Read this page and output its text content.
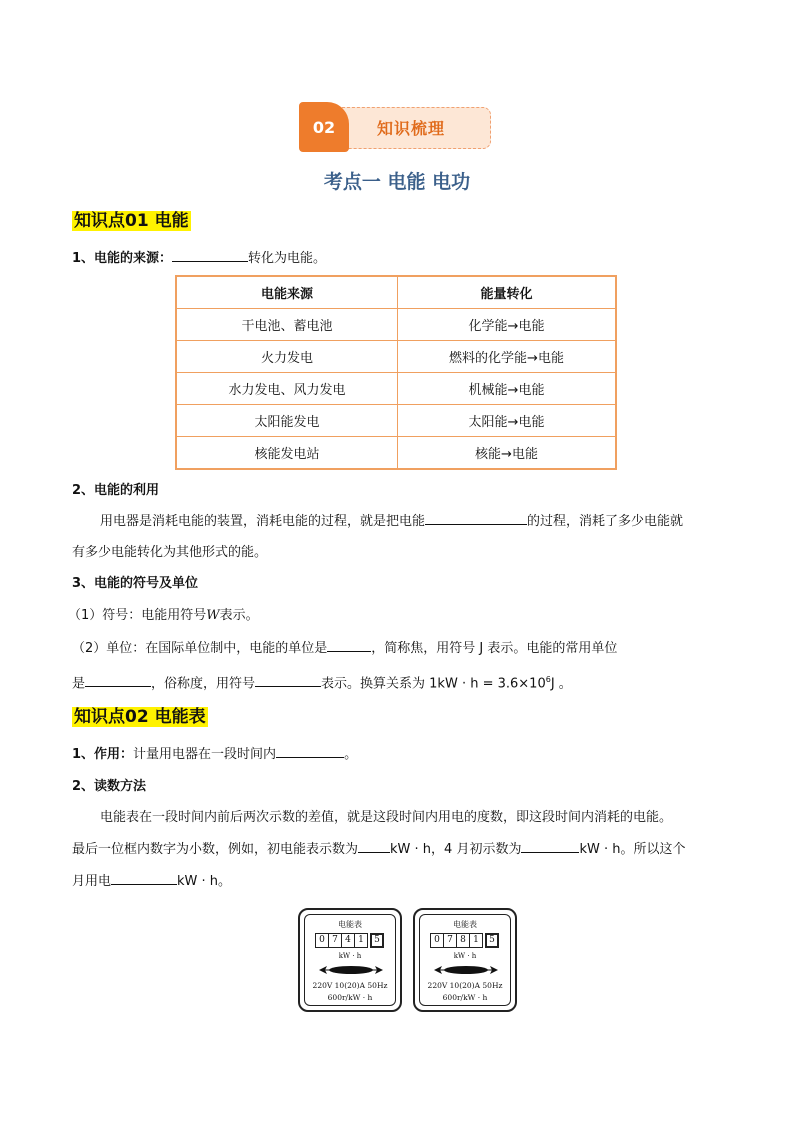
02	知识梳理
考点一 电能 电功
知识点01 电能
1、电能的来源：	转化为电能。
电能来源	能量转化
干电池、蓄电池	化学能→电能
火力发电	燃料的化学能→电能
水力发电、风力发电	机械能→电能
太阳能发电	太阳能→电能
核能发电站	核能→电能
2、电能的利用
用电器是消耗电能的装置，消耗电能的过程，就是把电能	的过程，消耗了多少电能就
有多少电能转化为其他形式的能。
3、电能的符号及单位
（1）符号：电能用符号W表示。
（2）单位：在国际单位制中，电能的单位是	，简称焦，用符号 J 表示。电能的常用单位
是	，俗称度，用符号	表示。换算关系为 $1kW \cdot h = 3.6\times 10^6J$ 。
知识点02 电能表
1、作用：计量用电器在一段时间内	。
2、读数方法
电能表在一段时间内前后两次示数的差值，就是这段时间内用电的度数，即这段时间内消耗的电能。
最后一位框内数字为小数，例如，初电能表示数为 kW · h，4 月初示数为	kW · h。所以这个
月用电	kW · h。
电能表
0 7 4 1	5
kW · h
220V 10(20)A 50Hz
600r/kW · h
电能表
0 7 8 1	5
kW · h
220V 10(20)A 50Hz
600r/kW · h
